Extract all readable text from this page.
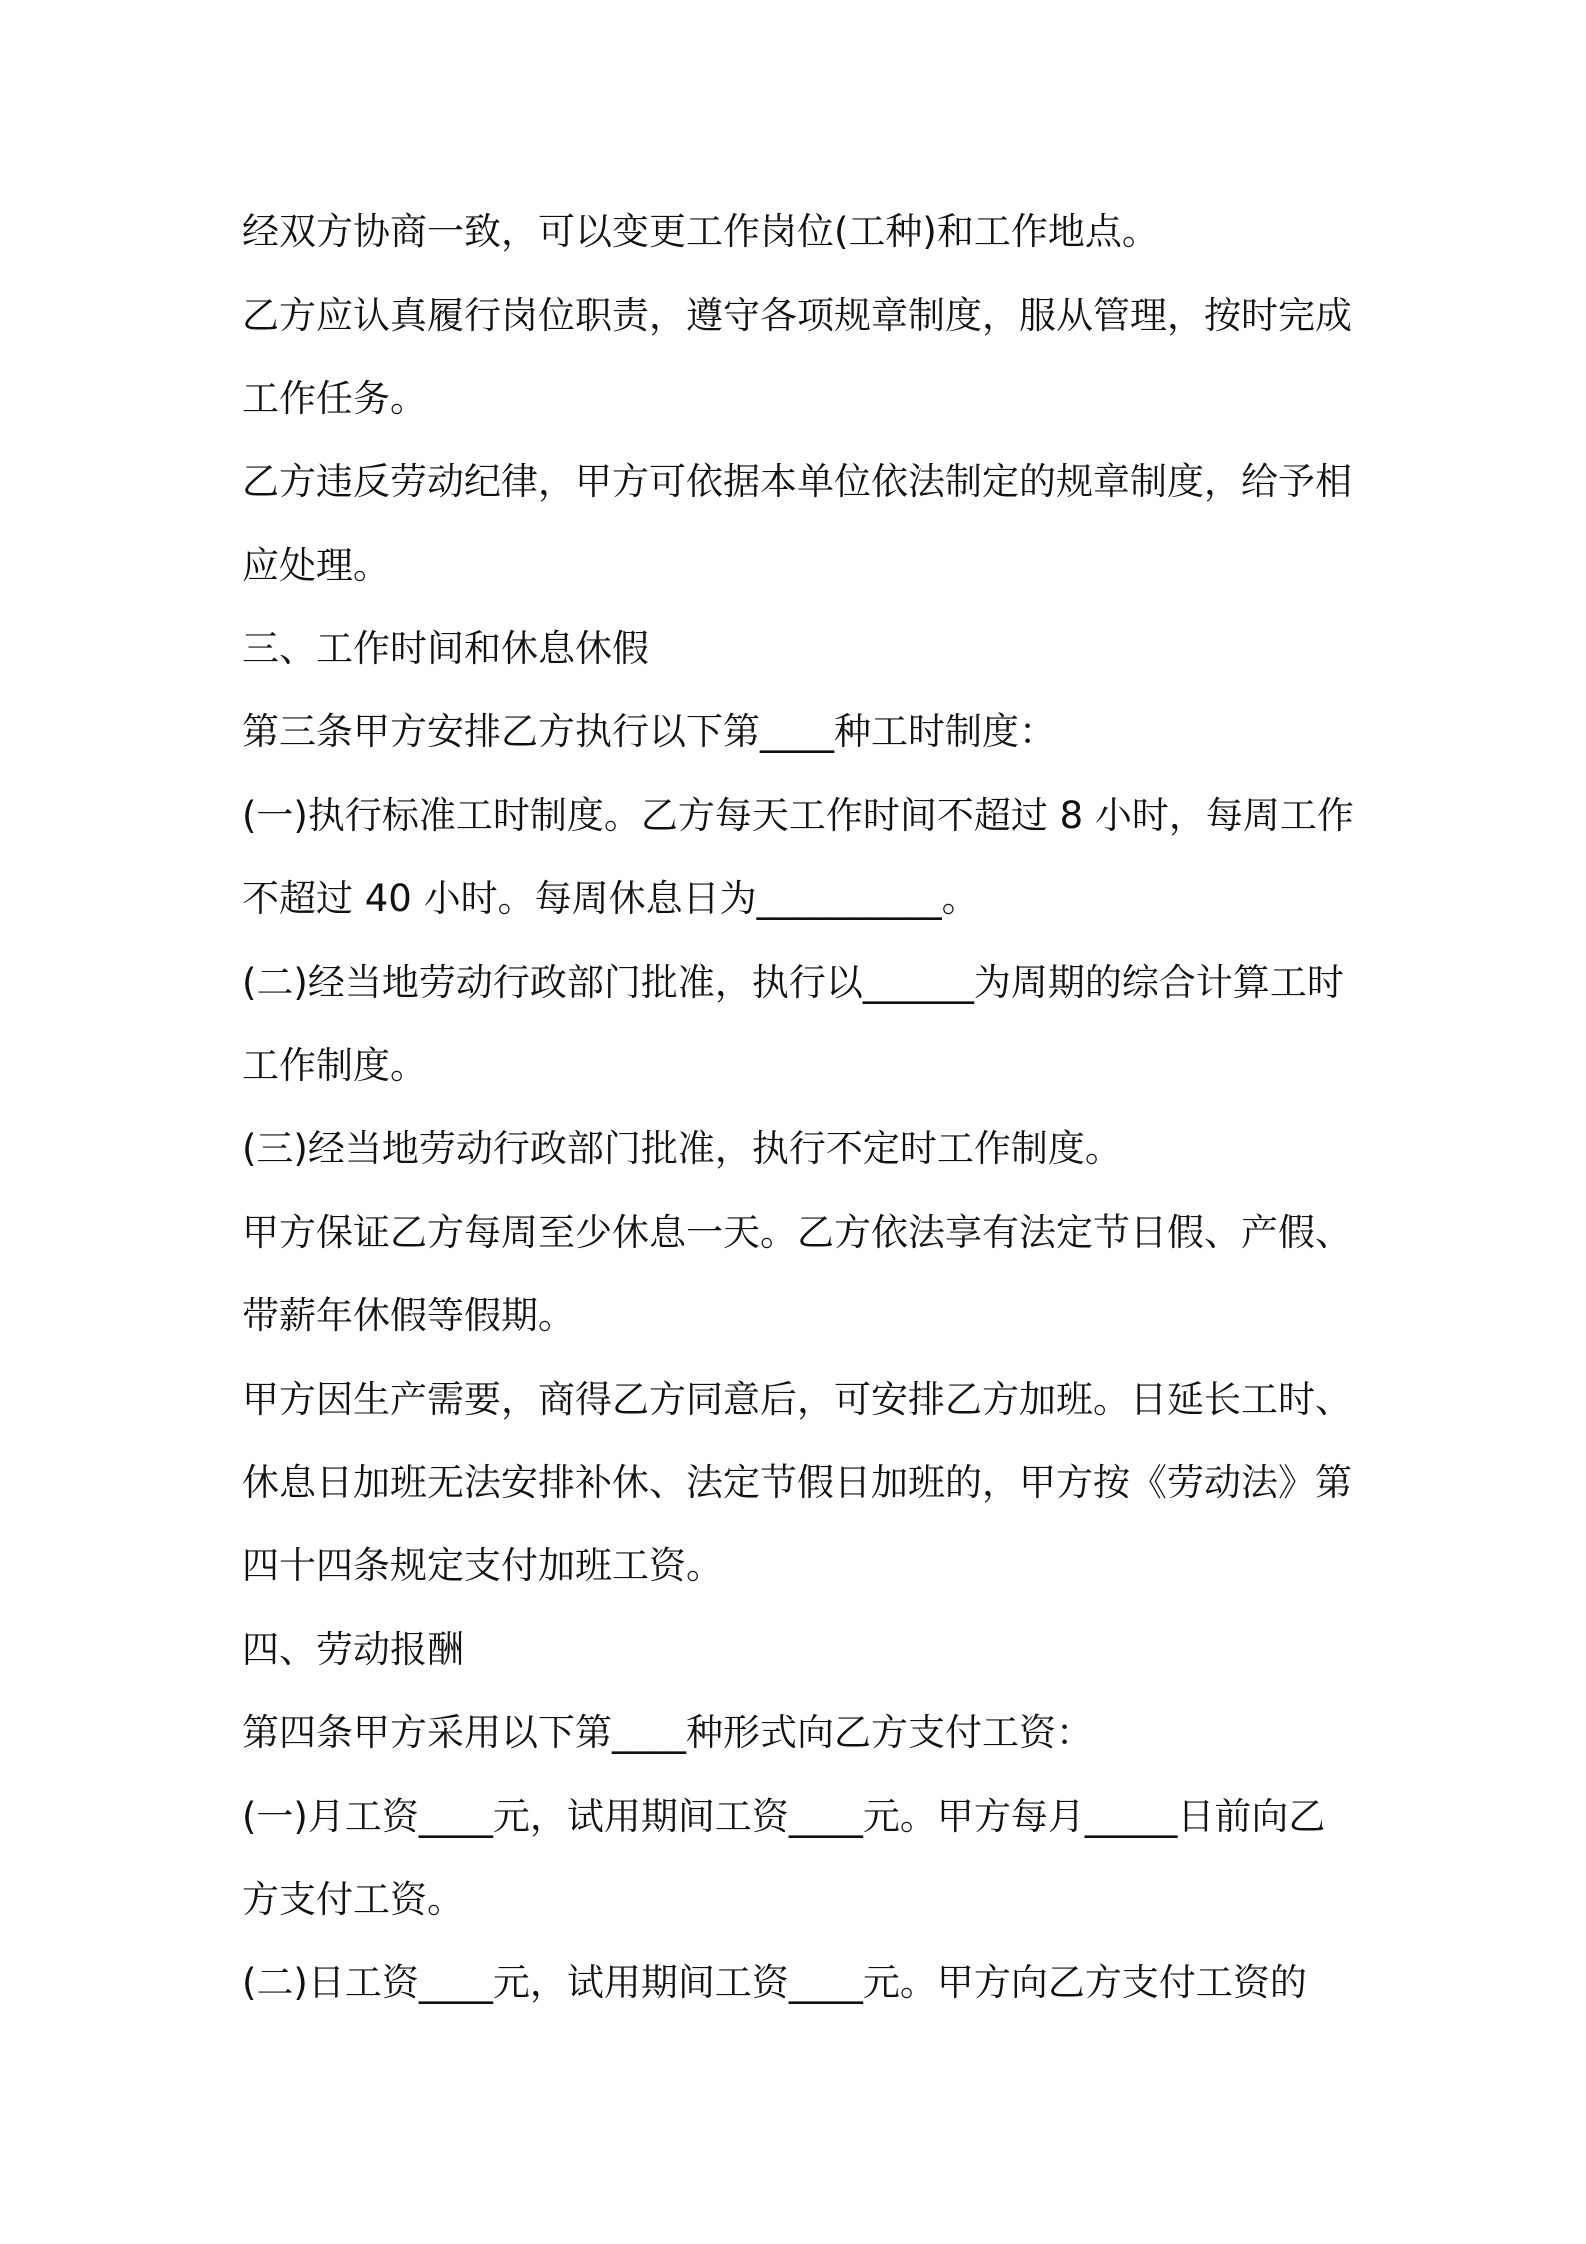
经双方协商一致，可以变更工作岗位(工种)和工作地点。
乙方应认真履行岗位职责，遵守各项规章制度，服从管理，按时完成
工作任务。
乙方违反劳动纪律，甲方可依据本单位依法制定的规章制度，给予相
应处理。
三、工作时间和休息休假
第三条甲方安排乙方执行以下第____种工时制度：
(一)执行标准工时制度。乙方每天工作时间不超过 8 小时，每周工作
不超过 40 小时。每周休息日为__________。
(二)经当地劳动行政部门批准，执行以______为周期的综合计算工时
工作制度。
(三)经当地劳动行政部门批准，执行不定时工作制度。
甲方保证乙方每周至少休息一天。乙方依法享有法定节日假、产假、
带薪年休假等假期。
甲方因生产需要，商得乙方同意后，可安排乙方加班。日延长工时、
休息日加班无法安排补休、法定节假日加班的，甲方按《劳动法》第
四十四条规定支付加班工资。
四、劳动报酬
第四条甲方采用以下第____种形式向乙方支付工资：
(一)月工资____元，试用期间工资____元。甲方每月_____日前向乙
方支付工资。
(二)日工资____元，试用期间工资____元。甲方向乙方支付工资的
